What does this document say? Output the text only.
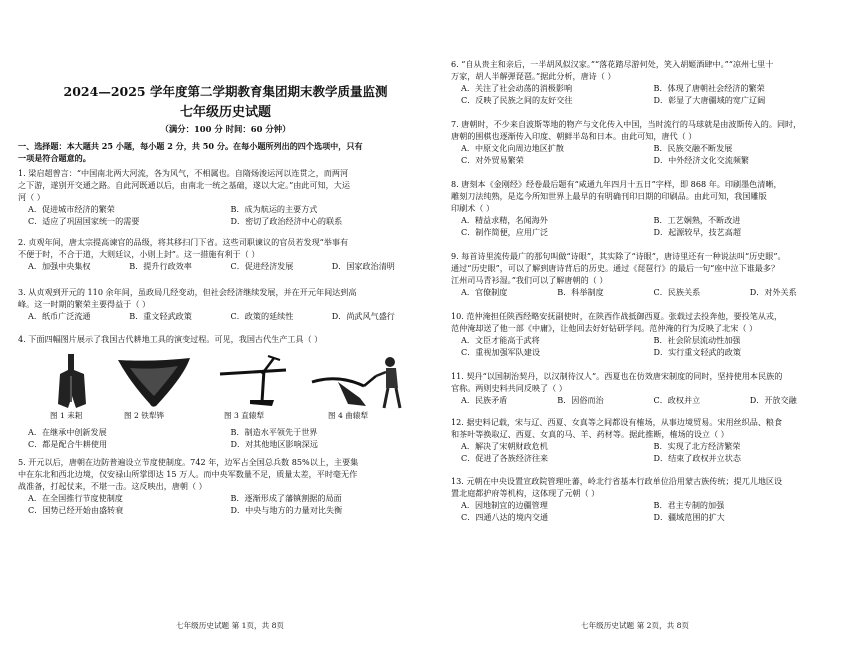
2024—2025 学年度第二学期教育集团期末教学质量监测
七年级历史试题
（满分：100 分 时间：60 分钟）
一、选择题：本大题共 25 小题，每小题 2 分，共 50 分。在每小题所列出的四个选项中，只有
一项是符合题意的。
1. 梁启超曾言：“中国南北两大河流，各为风气，不相属也。自隋炀浚运河以连贯之，而两河
之下游，遂别开交通之路。自此河既通以后，由南北一统之基础，遂以大定。”由此可知，大运
河（ ）
A．促进城市经济的繁荣	B．成为航运的主要方式
C．适应了巩固国家统一的需要	D．密切了政治经济中心的联系
2. 贞观年间，唐太宗提高谏官的品级，将其移扫门下省。这些司职谏议的官员若发现“举事有
不便于时，不合于道，大则廷议，小则上封”。这一措施有利于（ ）
A．加强中央集权	B．提升行政效率	C．促进经济发展	D．国家政治清明
3. 从贞观到开元的 110 余年间，虽政局几经变动，但社会经济继续发展，并在开元年间达到高
峰。这一时期的繁荣主要得益于（ ）
A．纸币广泛流通	B．重文轻武政策	C．政策的延续性	D．尚武风气盛行
4. 下面四幅图片展示了我国古代耕地工具的演变过程。可见，我国古代生产工具（ ）
图 1 耒耜	图 2 铁犁铧	图 3 直辕犁	图 4 曲辕犁
A．在继承中创新发展	B．制造水平领先于世界
C．都是配合牛耕使用	D．对其他地区影响深远
5. 开元以后，唐朝在边防普遍设立节度使制度。742 年，边军占全国总兵数 85%以上，主要集
中在东北和西北边境，仅安禄山所掌即达 15 万人。而中央军数量不足，质量太差，平时毫无作
战准备，打起仗来，不堪一击。这反映出，唐朝（ ）
A．在全国推行节度使制度	B．逐渐形成了藩镇割据的局面
C．国势已经开始由盛转衰	D．中央与地方的力量对比失衡
七年级历史试题 第 1页，共 8页
6. “自从贵主和亲后，一半胡风似汉家。”“落花踏尽游何处，笑入胡姬酒肆中。”“凉州七里十
万家，胡人半解弹琵琶。”据此分析，唐诗（ ）
A．关注了社会动荡的消极影响	B．体现了唐朝社会经济的繁荣
C．反映了民族之间的友好交往	D．彰显了大唐疆域的宽广辽阔
7. 唐朝时，不少来自波斯等地的物产与文化传入中国，当时流行的马球就是由波斯传入的。同时，
唐朝的围棋也逐渐传入印度、朝鲜半岛和日本。由此可知，唐代（ ）
A．中原文化向周边地区扩散	B．民族交融不断发展
C．对外贸易繁荣	D．中外经济文化交流频繁
8. 唐刻本《金刚经》经卷最后题有“咸通九年四月十五日”字样，即 868 年。印刷墨色清晰，
雕刻刀法纯熟，是迄今所知世界上最早的有明确刊印日期的印刷品。由此可知，我国雕版
印刷术（ ）
A．精益求精，名闻海外	B．工艺娴熟，不断改进
C．制作简便，应用广泛	D．起源较早，技艺高超
9. 每首诗里流传最广的那句叫做“诗眼”，其实除了“诗眼”，唐诗里还有一种说法叫“历史眼”。
通过“历史眼”，可以了解到唐诗背后的历史。通过《琵琶行》的最后一句“座中泣下谁最多？
江州司马青衫湿。”我们可以了解唐朝的（ ）
A．官僚制度	B．科举制度	C．民族关系	D．对外关系
10. 范仲淹担任陕西经略安抚副使时，在陕西作战抵御西夏。张载过去投奔他，要投笔从戎，
范仲淹却送了他一部《中庸》，让他回去好好钻研学问。范仲淹的行为反映了北宋（ ）
A．文臣才能高于武将	B．社会阶层流动性加强
C．重视加强军队建设	D．实行重文轻武的政策
11. 契丹“以国制治契丹，以汉制待汉人”。西夏也在仿效唐宋制度的同时，坚持使用本民族的
官称。两则史料共同反映了（ ）
A．民族矛盾	B．因俗而治	C．政权并立	D．开放交融
12. 据史料记载，宋与辽、西夏、女真等之间都设有榷场，从事边境贸易。宋用丝织品、粮食
和茶叶等换取辽、西夏、女真的马、羊、药材等。据此推断，榷场的设立（ ）
A．解决了宋朝财政危机	B．实现了北方经济繁荣
C．促进了各族经济往来	D．结束了政权并立状态
13. 元朝在中央设置宣政院管理吐蕃，岭北行省基本行政单位沿用蒙古族传统；提兀儿地区设
置北庭都护府等机构，这体现了元朝（ ）
A．因地制宜的边疆管理	B．君主专制的加强
C．四通八达的境内交通	D．疆域范围的扩大
七年级历史试题 第 2页，共 8页
